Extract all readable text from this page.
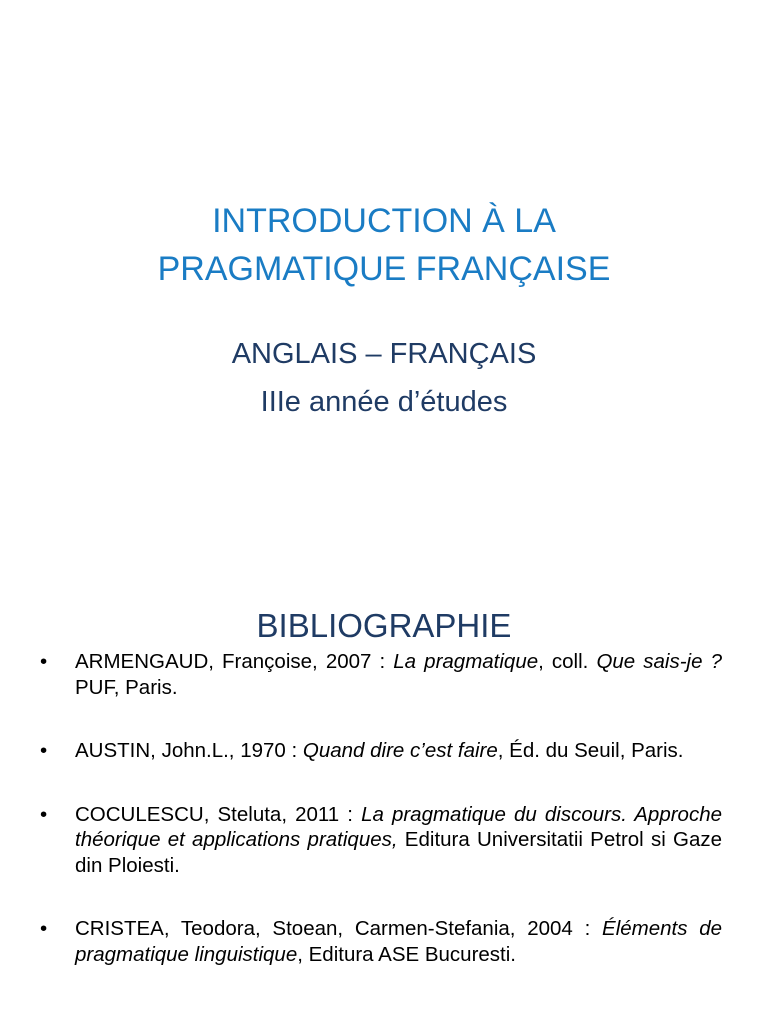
INTRODUCTION À LA
PRAGMATIQUE FRANÇAISE
ANGLAIS – FRANÇAIS
IIIe année d’études
BIBLIOGRAPHIE
• ARMENGAUD, Françoise, 2007 : La pragmatique, coll. Que sais-je ? PUF, Paris.
• AUSTIN, John.L., 1970 : Quand dire c’est faire, Éd. du Seuil, Paris.
• COCULESCU, Steluta, 2011 : La pragmatique du discours. Approche théorique et applications pratiques, Editura Universitatii Petrol si Gaze din Ploiesti.
• CRISTEA, Teodora, Stoean, Carmen-Stefania, 2004 : Éléments de pragmatique linguistique, Editura ASE Bucuresti.
